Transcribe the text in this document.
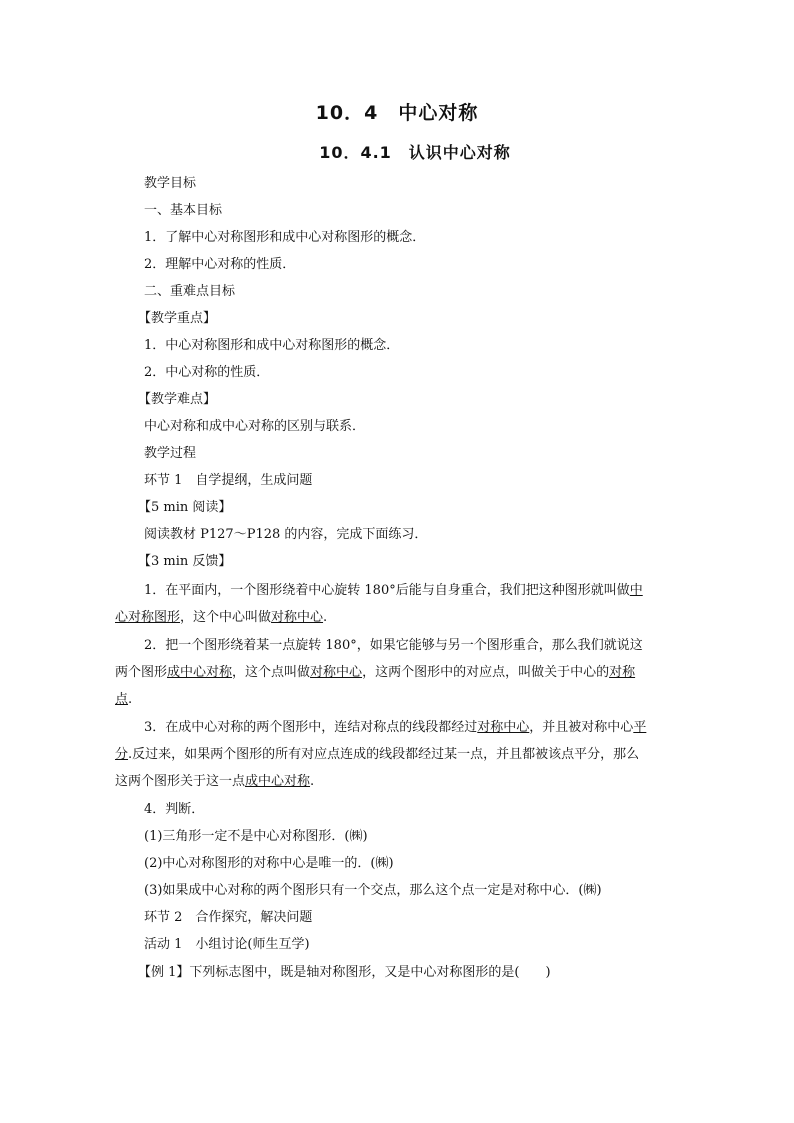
10．4　中心对称
10．4.1　认识中心对称
教学目标
一、基本目标
1．了解中心对称图形和成中心对称图形的概念．
2．理解中心对称的性质．
二、重难点目标
【教学重点】
1．中心对称图形和成中心对称图形的概念．
2．中心对称的性质．
【教学难点】
中心对称和成中心对称的区别与联系．
教学过程
环节 1　自学提纲，生成问题
【5 min 阅读】
阅读教材 P127～P128 的内容，完成下面练习．
【3 min 反馈】
1．在平面内，一个图形绕着中心旋转 180°后能与自身重合，我们把这种图形就叫做中
心对称图形，这个中心叫做对称中心.
2．把一个图形绕着某一点旋转 180°，如果它能够与另一个图形重合，那么我们就说这
两个图形成中心对称，这个点叫做对称中心，这两个图形中的对应点，叫做关于中心的对称
点.
3．在成中心对称的两个图形中，连结对称点的线段都经过对称中心，并且被对称中心平
分.反过来，如果两个图形的所有对应点连成的线段都经过某一点，并且都被该点平分，那么
这两个图形关于这一点成中心对称.
4．判断．
(1)三角形一定不是中心对称图形．(㈱)
(2)中心对称图形的对称中心是唯一的．(㈱)
(3)如果成中心对称的两个图形只有一个交点，那么这个点一定是对称中心．(㈱)
环节 2　合作探究，解决问题
活动 1　小组讨论(师生互学)
【例 1】下列标志图中，既是轴对称图形，又是中心对称图形的是(　　)
